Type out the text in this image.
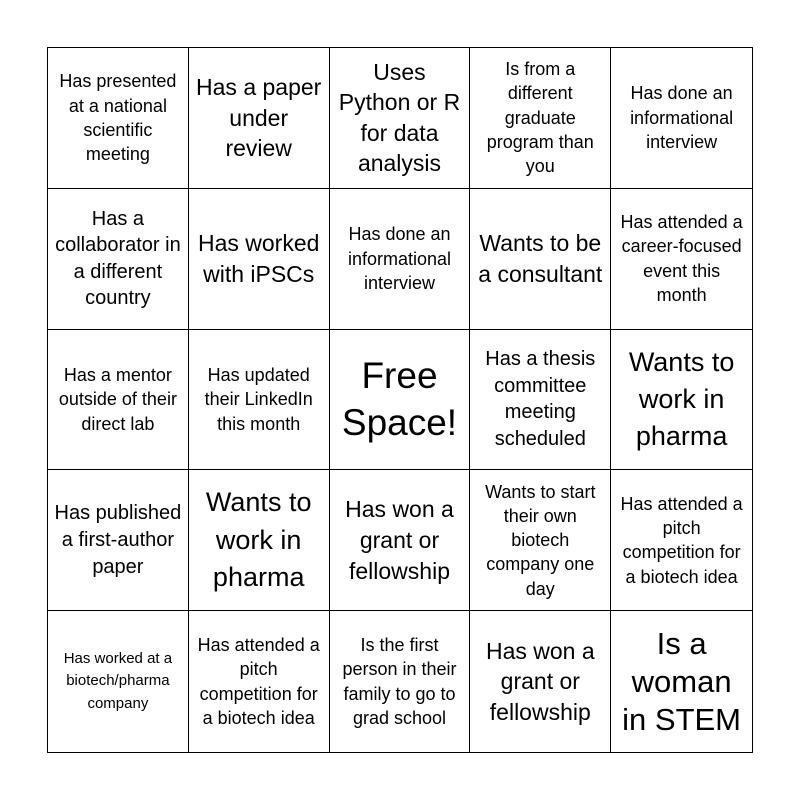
Has presented at a national scientific meeting
Has a paper under review
Uses Python or R for data analysis
Is from a different graduate program than you
Has done an informational interview
Has a collaborator in a different country
Has worked with iPSCs
Has done an informational interview
Wants to be a consultant
Has attended a career-focused event this month
Has a mentor outside of their direct lab
Has updated their LinkedIn this month
Free Space!
Has a thesis committee meeting scheduled
Wants to work in pharma
Has published a first-author paper
Wants to work in pharma
Has won a grant or fellowship
Wants to start their own biotech company one day
Has attended a pitch competition for a biotech idea
Has worked at a biotech/pharma company
Has attended a pitch competition for a biotech idea
Is the first person in their family to go to grad school
Has won a grant or fellowship
Is a woman in STEM
